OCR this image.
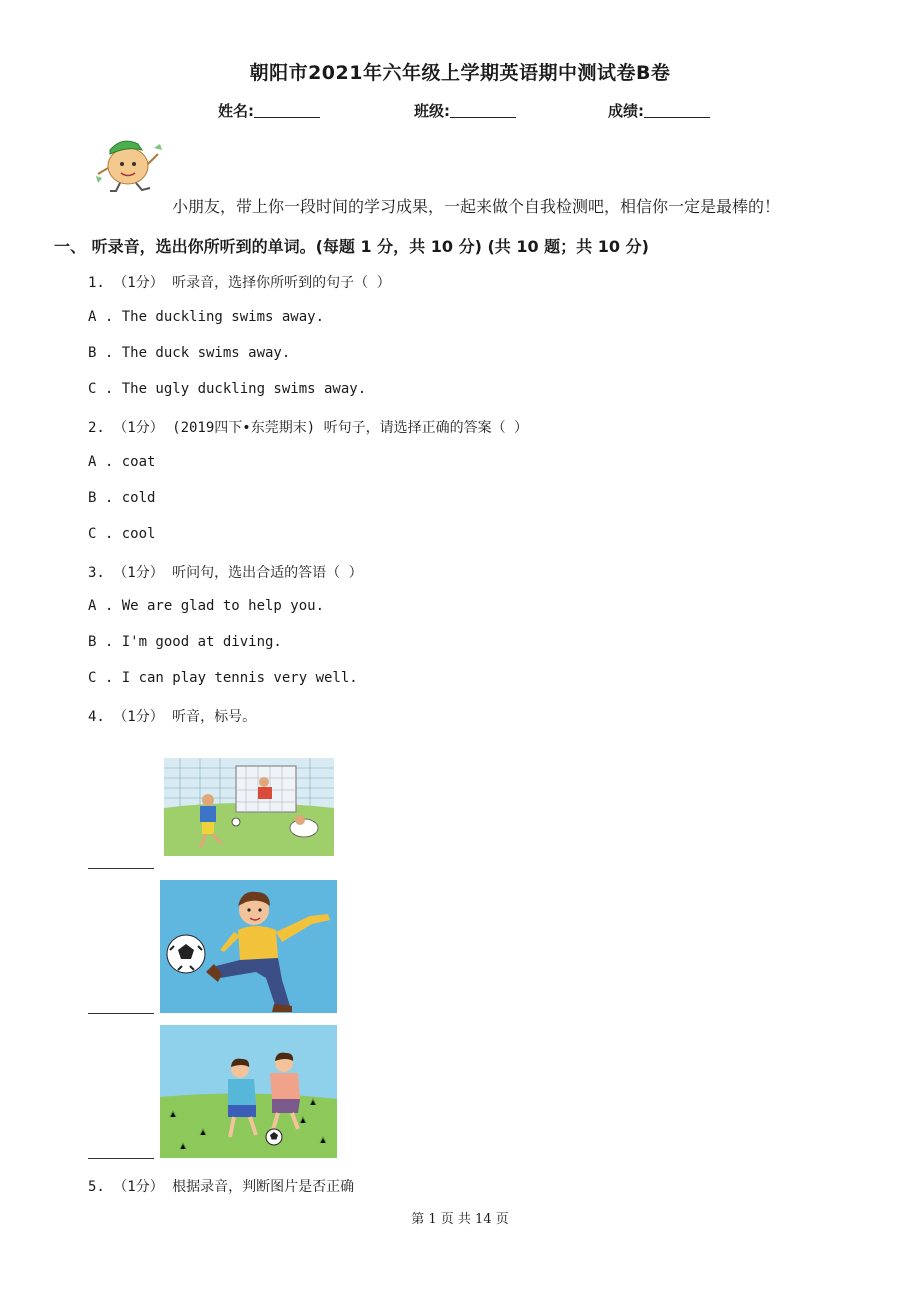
朝阳市2021年六年级上学期英语期中测试卷B卷
姓名:	班级:	成绩:
小朋友，带上你一段时间的学习成果，一起来做个自我检测吧，相信你一定是最棒的！
一、 听录音，选出你所听到的单词。(每题 1 分，共 10 分) (共 10 题；共 10 分)
1. （1分） 听录音，选择你所听到的句子（ ）
A . The duckling swims away.
B . The duck swims away.
C . The ugly duckling swims away.
2. （1分） (2019四下•东莞期末) 听句子，请选择正确的答案（ ）
A . coat
B . cold
C . cool
3. （1分） 听问句，选出合适的答语（ ）
A . We are glad to help you.
B . I'm good at diving.
C . I can play tennis very well.
4. （1分） 听音，标号。
5. （1分） 根据录音，判断图片是否正确
第 1 页 共 14 页
